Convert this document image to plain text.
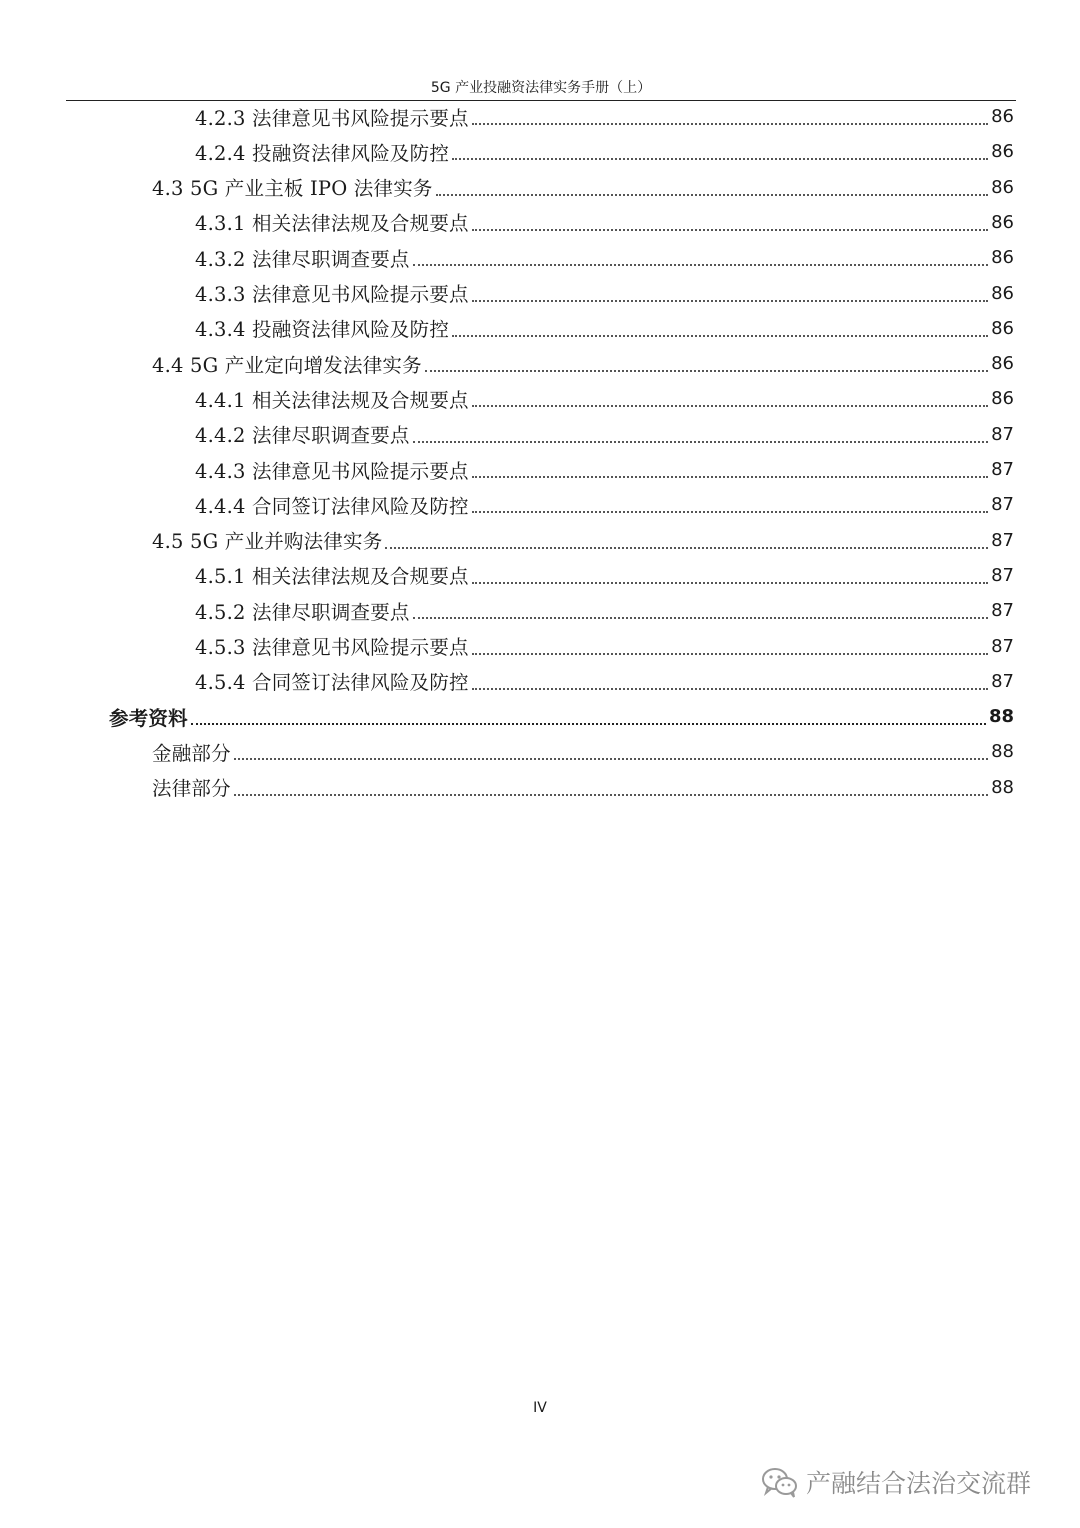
5G 产业投融资法律实务手册（上）
4.2.3 法律意见书风险提示要点	86
4.2.4 投融资法律风险及防控	86
4.3 5G 产业主板 IPO 法律实务	86
4.3.1 相关法律法规及合规要点	86
4.3.2 法律尽职调查要点	86
4.3.3 法律意见书风险提示要点	86
4.3.4 投融资法律风险及防控	86
4.4 5G 产业定向增发法律实务	86
4.4.1 相关法律法规及合规要点	86
4.4.2 法律尽职调查要点	87
4.4.3 法律意见书风险提示要点	87
4.4.4 合同签订法律风险及防控	87
4.5 5G 产业并购法律实务	87
4.5.1 相关法律法规及合规要点	87
4.5.2 法律尽职调查要点	87
4.5.3 法律意见书风险提示要点	87
4.5.4 合同签订法律风险及防控	87
参考资料	88
金融部分	88
法律部分	88
IV
产融结合法治交流群
